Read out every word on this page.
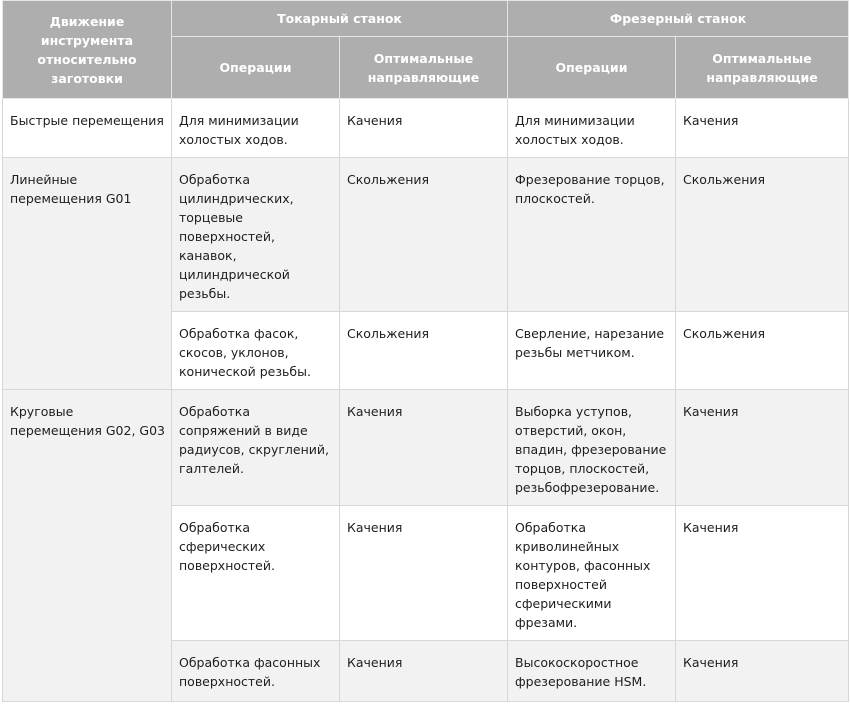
Движение инструмента относительно заготовки	Токарный станок		Фрезерный станок	
	Операции	Оптимальные направляющие	Операции	Оптимальные направляющие
Быстрые перемещения	Для минимизации холостых ходов.	Качения	Для минимизации холостых ходов.	Качения
Линейные перемещения G01	Обработка цилиндрических, торцевые поверхностей, канавок, цилиндрической резьбы.	Скольжения	Фрезерование торцов, плоскостей.	Скольжения
	Обработка фасок, скосов, уклонов, конической резьбы.	Скольжения	Сверление, нарезание резьбы метчиком.	Скольжения
Круговые перемещения G02, G03	Обработка сопряжений в виде радиусов, скруглений, галтелей.	Качения	Выборка уступов, отверстий, окон, впадин, фрезерование торцов, плоскостей, резьбофрезерование.	Качения
	Обработка сферических поверхностей.	Качения	Обработка криволинейных контуров, фасонных поверхностей сферическими фрезами.	Качения
	Обработка фасонных поверхностей.	Качения	Высокоскоростное фрезерование HSM.	Качения
